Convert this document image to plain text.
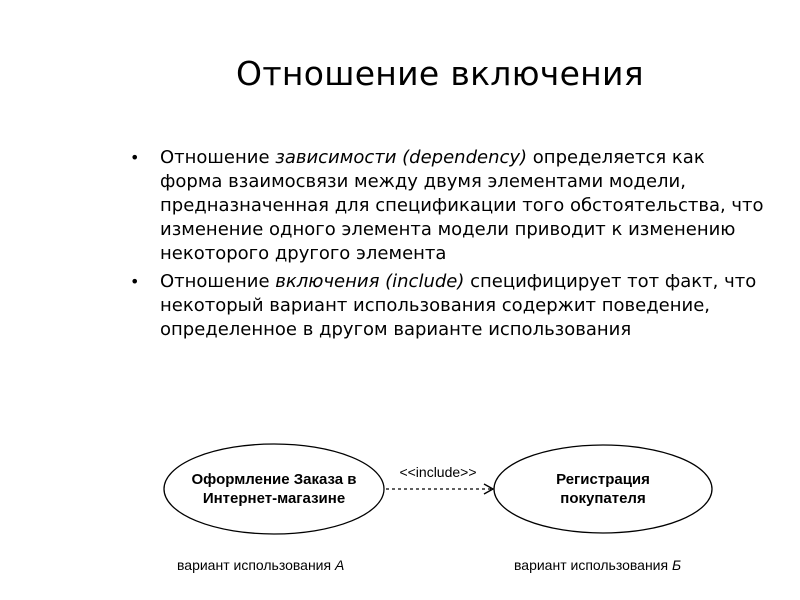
Отношение включения
• Отношение зависимости (dependency) определяется как форма взаимосвязи между двумя элементами модели, предназначенная для спецификации того обстоятельства, что изменение одного элемента модели приводит к изменению некоторого другого элемента
• Отношение включения (include) специфицирует тот факт, что некоторый вариант использования содержит поведение, определенное в другом варианте использования
Оформление Заказа в
Интернет-магазине
Регистрация
покупателя
<<include>>
вариант использования А	вариант использования Б
